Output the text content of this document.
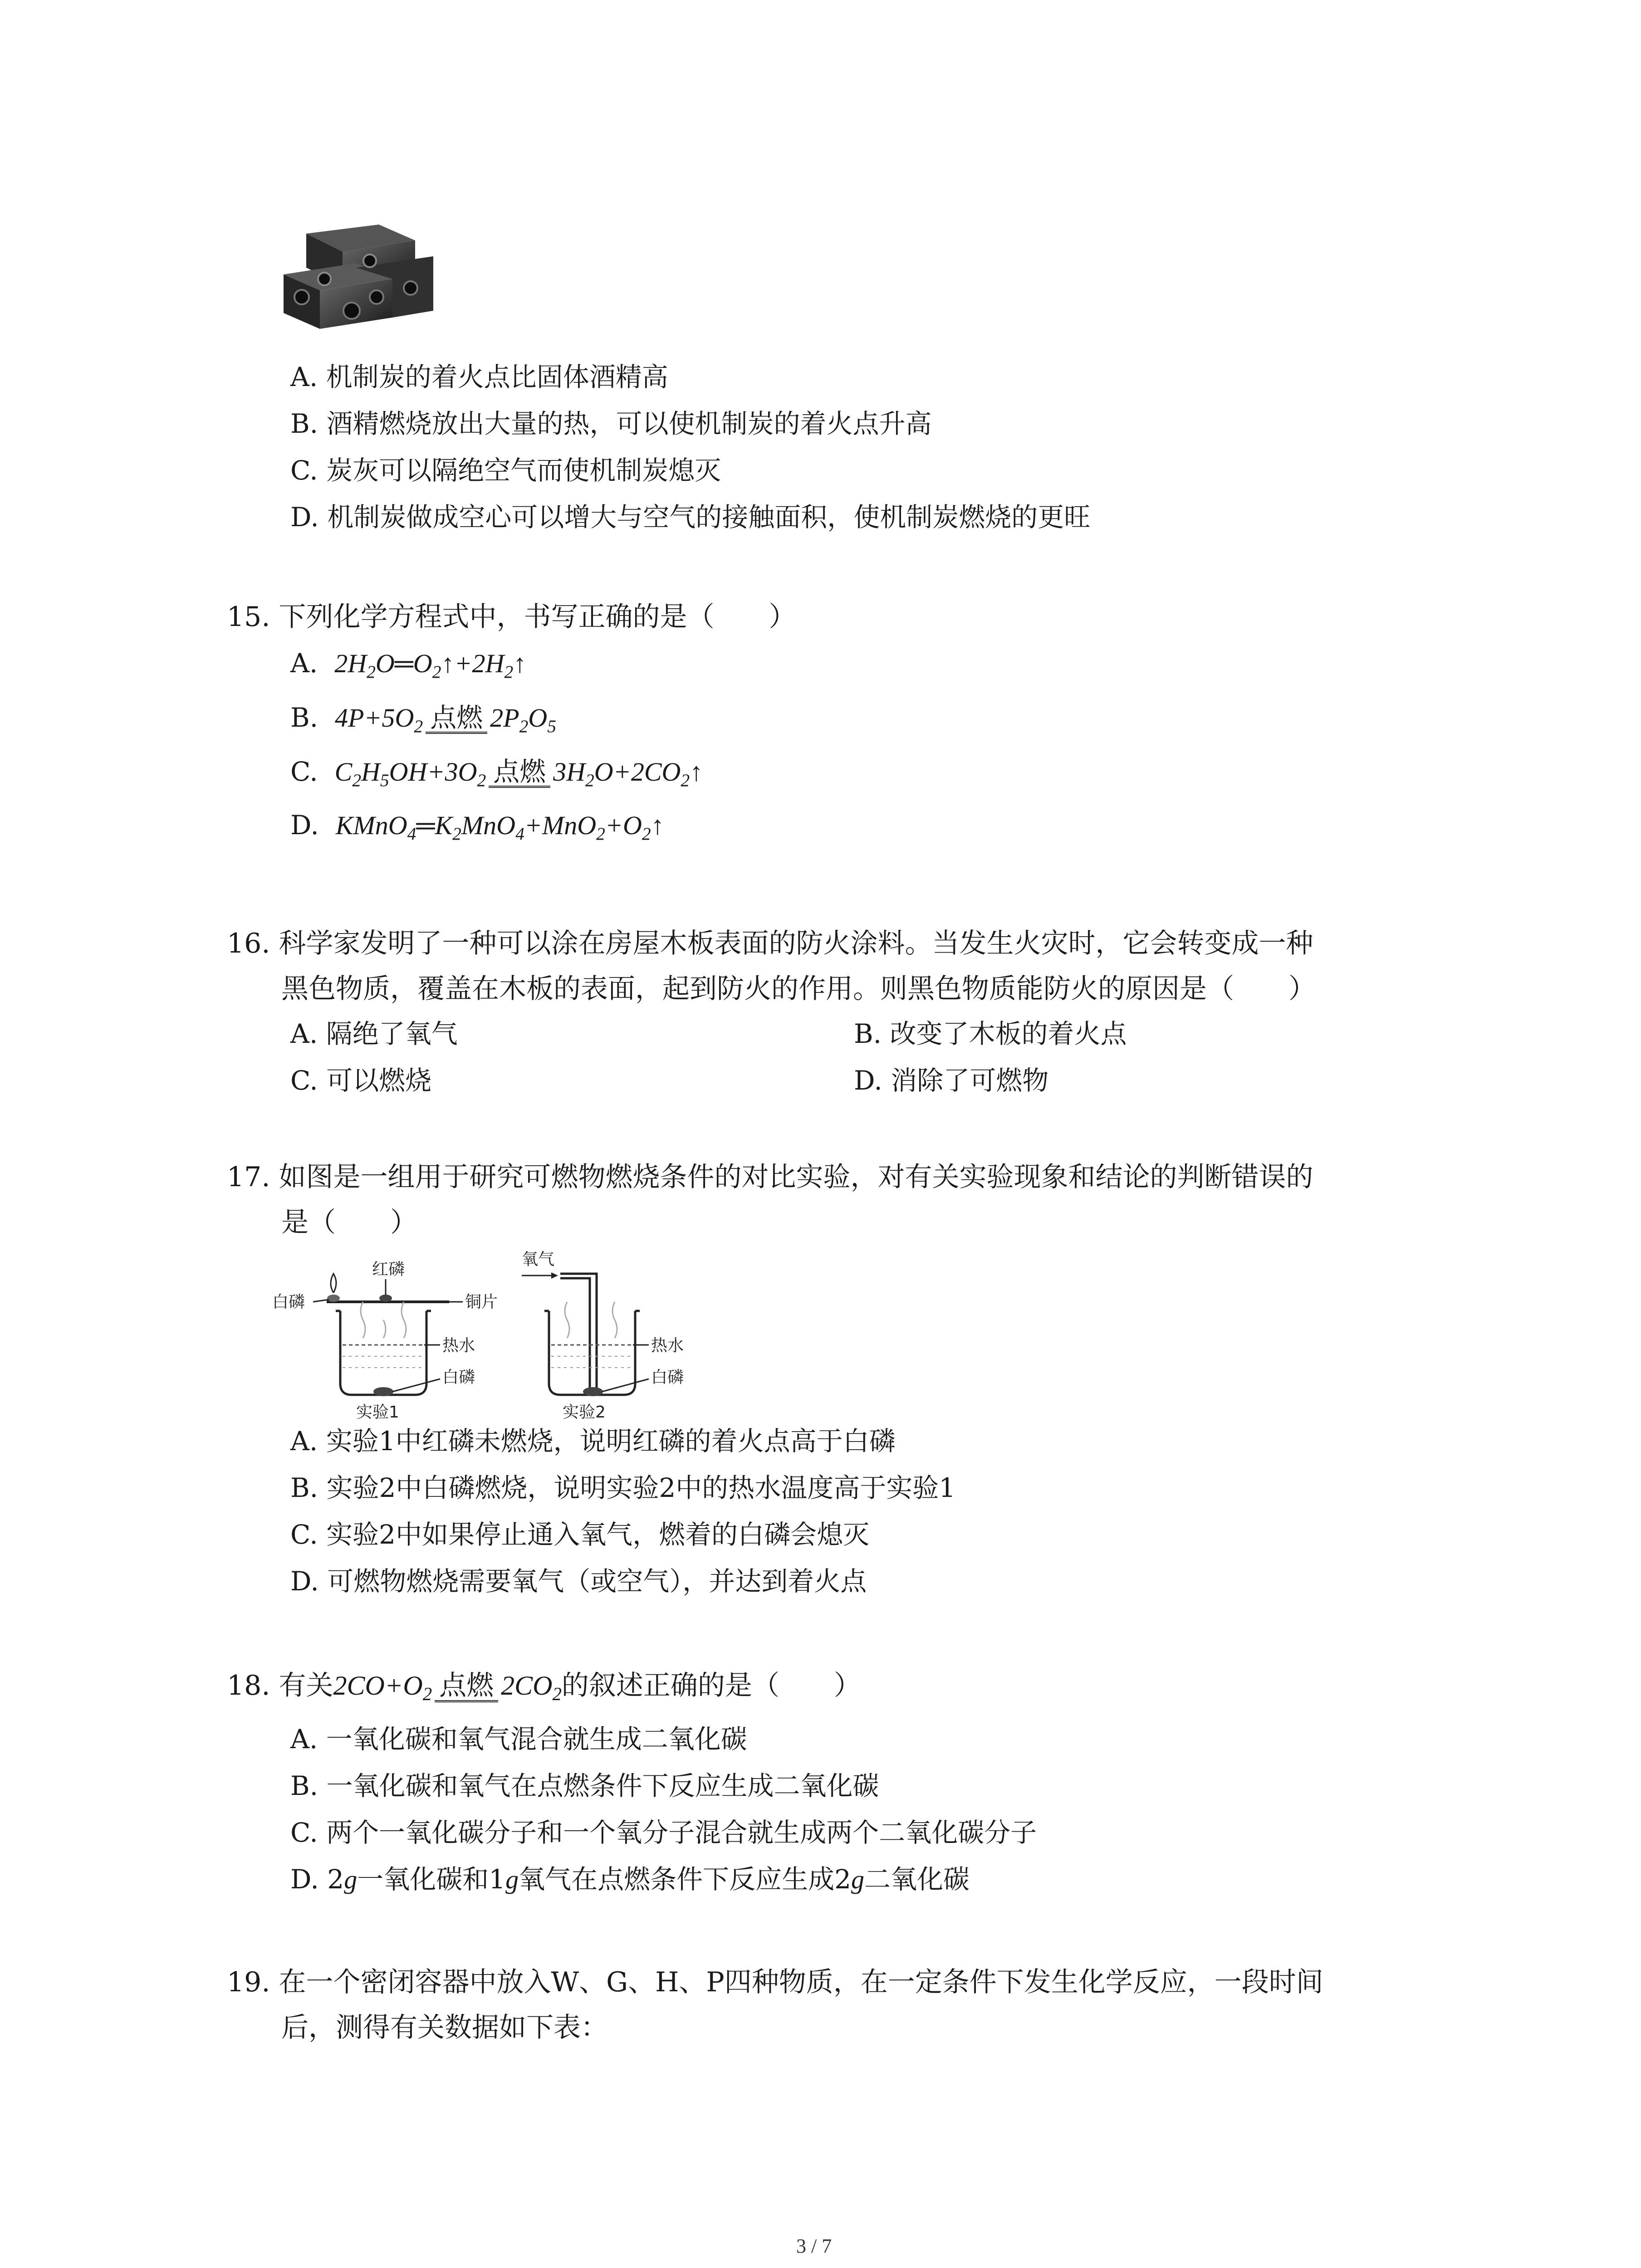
A. 机制炭的着火点比固体酒精高
B. 酒精燃烧放出大量的热，可以使机制炭的着火点升高
C. 炭灰可以隔绝空气而使机制炭熄灭
D. 机制炭做成空心可以增大与空气的接触面积，使机制炭燃烧的更旺
15. 下列化学方程式中，书写正确的是（　　）
A. $2H_2O═O_2↑+2H_2↑$
B. $4P+5O_2$ 点燃 $2P_2O_5$
C. $C_2H_5OH+3O_2$ 点燃 $3H_2O+2CO_2↑$
D. $KMnO_4═K_2MnO_4+MnO_2+O_2↑$
16. 科学家发明了一种可以涂在房屋木板表面的防火涂料。当发生火灾时，它会转变成一种
黑色物质，覆盖在木板的表面，起到防火的作用。则黑色物质能防火的原因是（　　）
A. 隔绝了氧气	B. 改变了木板的着火点
C. 可以燃烧	D. 消除了可燃物
17. 如图是一组用于研究可燃物燃烧条件的对比实验，对有关实验现象和结论的判断错误的
是（　　）
红磷
白磷	铜片
热水
白磷
实验1
氧气
热水
白磷
实验2
A. 实验1中红磷未燃烧，说明红磷的着火点高于白磷
B. 实验2中白磷燃烧，说明实验2中的热水温度高于实验1
C. 实验2中如果停止通入氧气，燃着的白磷会熄灭
D. 可燃物燃烧需要氧气（或空气），并达到着火点
18. 有关$2CO+O_2$ 点燃 $2CO_2$的叙述正确的是（　　）
A. 一氧化碳和氧气混合就生成二氧化碳
B. 一氧化碳和氧气在点燃条件下反应生成二氧化碳
C. 两个一氧化碳分子和一个氧分子混合就生成两个二氧化碳分子
D. 2g一氧化碳和1g氧气在点燃条件下反应生成2g二氧化碳
19. 在一个密闭容器中放入W、G、H、P四种物质，在一定条件下发生化学反应，一段时间
后，测得有关数据如下表：
3 / 7
